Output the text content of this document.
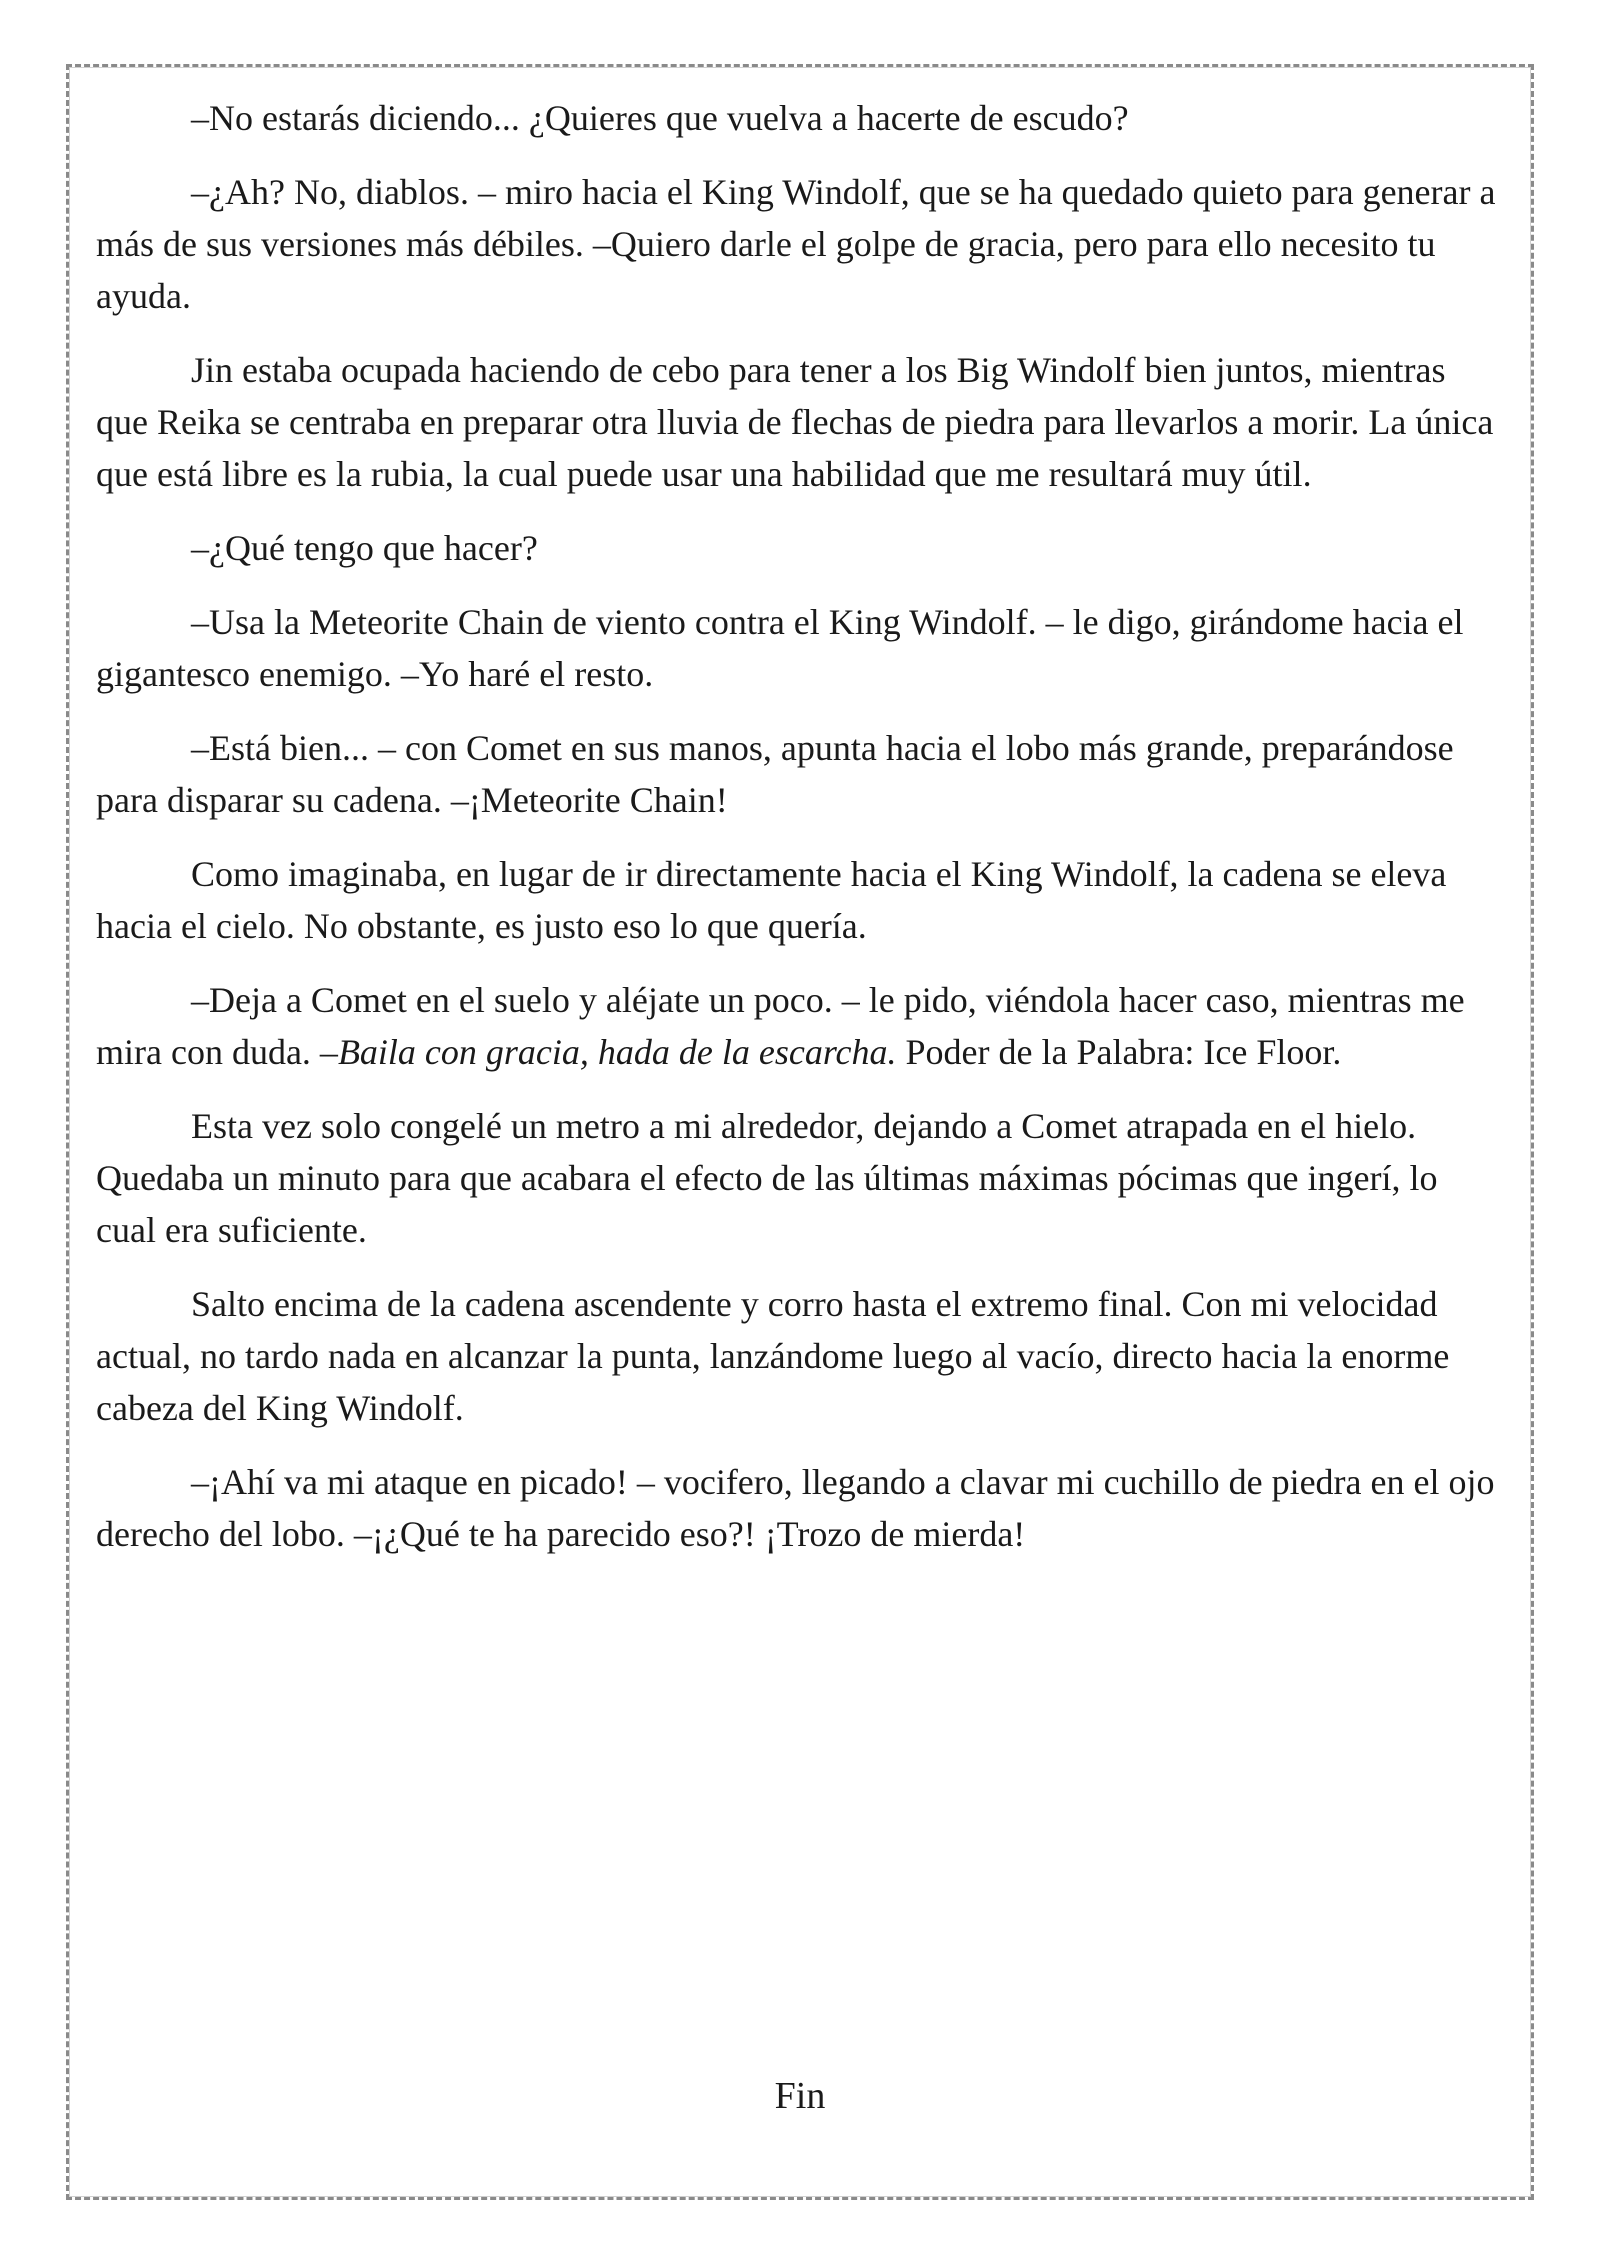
–No estarás diciendo... ¿Quieres que vuelva a hacerte de escudo?

–¿Ah? No, diablos. – miro hacia el King Windolf, que se ha quedado quieto para generar a más de sus versiones más débiles. –Quiero darle el golpe de gracia, pero para ello necesito tu ayuda.

Jin estaba ocupada haciendo de cebo para tener a los Big Windolf bien juntos, mientras que Reika se centraba en preparar otra lluvia de flechas de piedra para llevarlos a morir. La única que está libre es la rubia, la cual puede usar una habilidad que me resultará muy útil.

–¿Qué tengo que hacer?

–Usa la Meteorite Chain de viento contra el King Windolf. – le digo, girándome hacia el gigantesco enemigo. –Yo haré el resto.

–Está bien... – con Comet en sus manos, apunta hacia el lobo más grande, preparándose para disparar su cadena. –¡Meteorite Chain!

Como imaginaba, en lugar de ir directamente hacia el King Windolf, la cadena se eleva hacia el cielo. No obstante, es justo eso lo que quería.

–Deja a Comet en el suelo y aléjate un poco. – le pido, viéndola hacer caso, mientras me mira con duda. –Baila con gracia, hada de la escarcha. Poder de la Palabra: Ice Floor.

Esta vez solo congelé un metro a mi alrededor, dejando a Comet atrapada en el hielo. Quedaba un minuto para que acabara el efecto de las últimas máximas pócimas que ingerí, lo cual era suficiente.

Salto encima de la cadena ascendente y corro hasta el extremo final. Con mi velocidad actual, no tardo nada en alcanzar la punta, lanzándome luego al vacío, directo hacia la enorme cabeza del King Windolf.

–¡Ahí va mi ataque en picado! – vocifero, llegando a clavar mi cuchillo de piedra en el ojo derecho del lobo. –¡¿Qué te ha parecido eso?! ¡Trozo de mierda!

Fin
